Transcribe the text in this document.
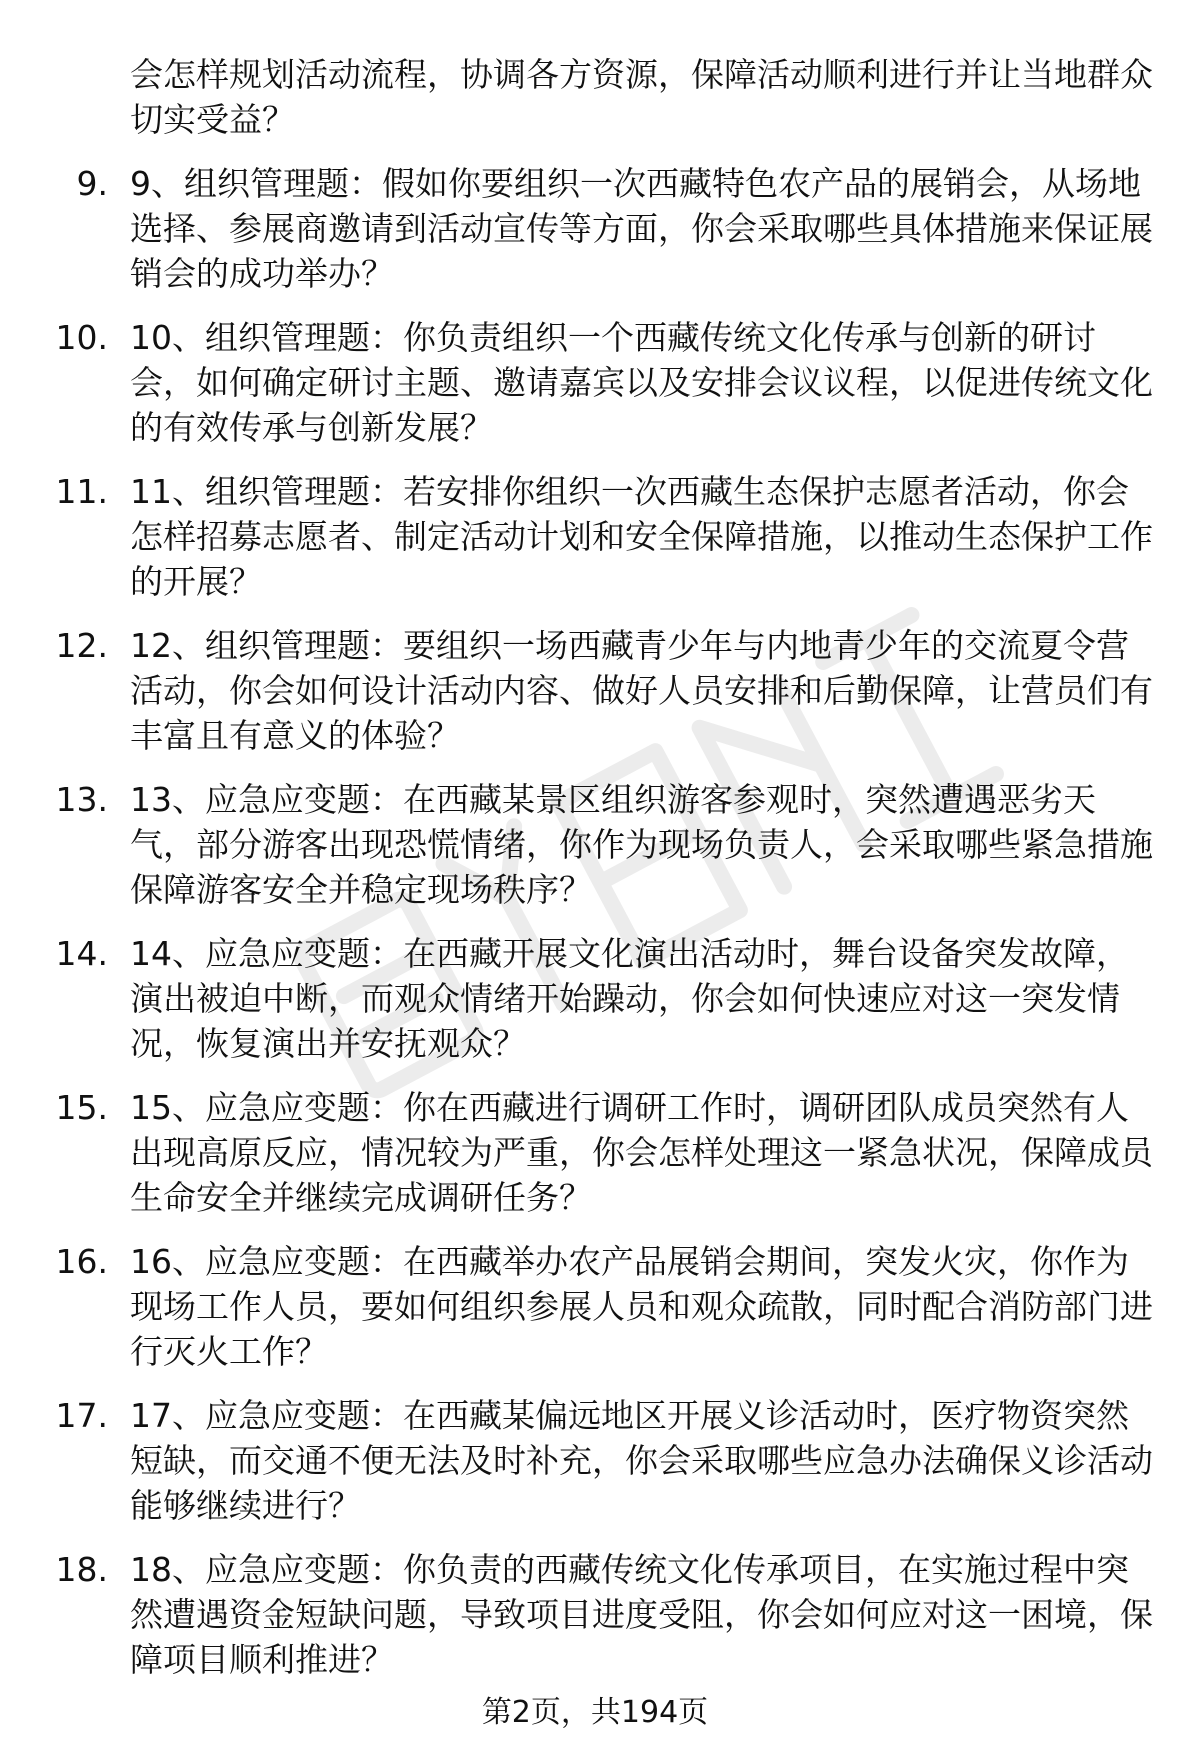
会怎样规划活动流程，协调各方资源，保障活动顺利进行并让当地群众切实受益？
9. 9、组织管理题：假如你要组织一次西藏特色农产品的展销会，从场地选择、参展商邀请到活动宣传等方面，你会采取哪些具体措施来保证展销会的成功举办？
10. 10、组织管理题：你负责组织一个西藏传统文化传承与创新的研讨会，如何确定研讨主题、邀请嘉宾以及安排会议议程，以促进传统文化的有效传承与创新发展？
11. 11、组织管理题：若安排你组织一次西藏生态保护志愿者活动，你会怎样招募志愿者、制定活动计划和安全保障措施，以推动生态保护工作的开展？
12. 12、组织管理题：要组织一场西藏青少年与内地青少年的交流夏令营活动，你会如何设计活动内容、做好人员安排和后勤保障，让营员们有丰富且有意义的体验？
13. 13、应急应变题：在西藏某景区组织游客参观时，突然遭遇恶劣天气，部分游客出现恐慌情绪，你作为现场负责人，会采取哪些紧急措施保障游客安全并稳定现场秩序？
14. 14、应急应变题：在西藏开展文化演出活动时，舞台设备突发故障，演出被迫中断，而观众情绪开始躁动，你会如何快速应对这一突发情况，恢复演出并安抚观众？
15. 15、应急应变题：你在西藏进行调研工作时，调研团队成员突然有人出现高原反应，情况较为严重，你会怎样处理这一紧急状况，保障成员生命安全并继续完成调研任务？
16. 16、应急应变题：在西藏举办农产品展销会期间，突发火灾，你作为现场工作人员，要如何组织参展人员和观众疏散，同时配合消防部门进行灭火工作？
17. 17、应急应变题：在西藏某偏远地区开展义诊活动时，医疗物资突然短缺，而交通不便无法及时补充，你会采取哪些应急办法确保义诊活动能够继续进行？
18. 18、应急应变题：你负责的西藏传统文化传承项目，在实施过程中突然遭遇资金短缺问题，导致项目进度受阻，你会如何应对这一困境，保障项目顺利推进？
第2页，共194页
